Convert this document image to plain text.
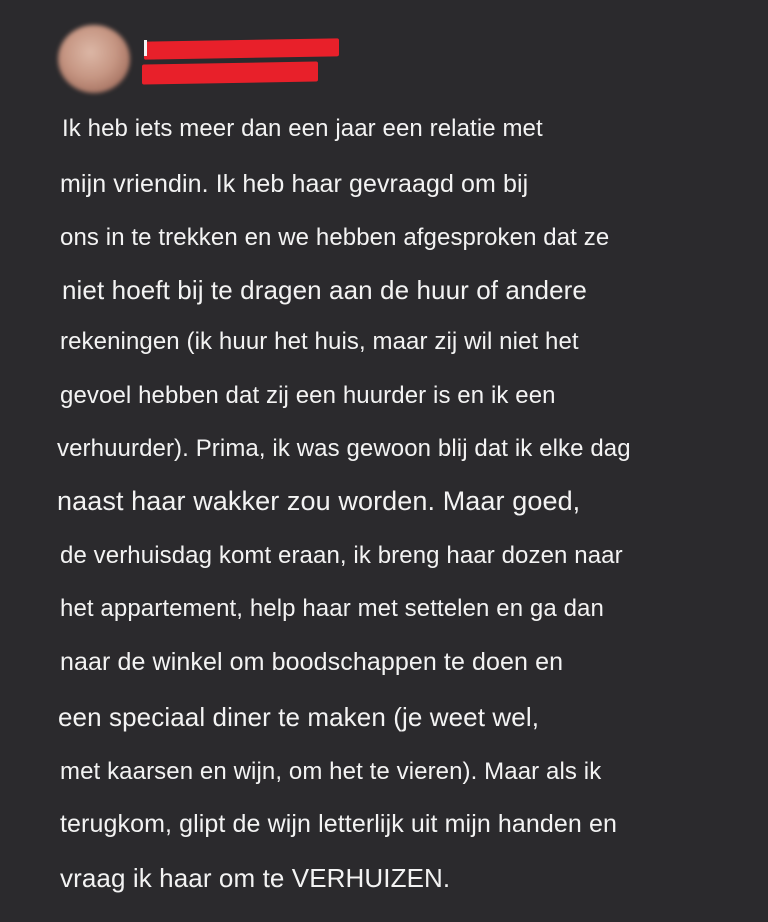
Ik heb iets meer dan een jaar een relatie met
mijn vriendin. Ik heb haar gevraagd om bij
ons in te trekken en we hebben afgesproken dat ze
niet hoeft bij te dragen aan de huur of andere
rekeningen (ik huur het huis, maar zij wil niet het
gevoel hebben dat zij een huurder is en ik een
verhuurder). Prima, ik was gewoon blij dat ik elke dag
naast haar wakker zou worden. Maar goed,
de verhuisdag komt eraan, ik breng haar dozen naar
het appartement, help haar met settelen en ga dan
naar de winkel om boodschappen te doen en
een speciaal diner te maken (je weet wel,
met kaarsen en wijn, om het te vieren). Maar als ik
terugkom, glipt de wijn letterlijk uit mijn handen en
vraag ik haar om te VERHUIZEN.
